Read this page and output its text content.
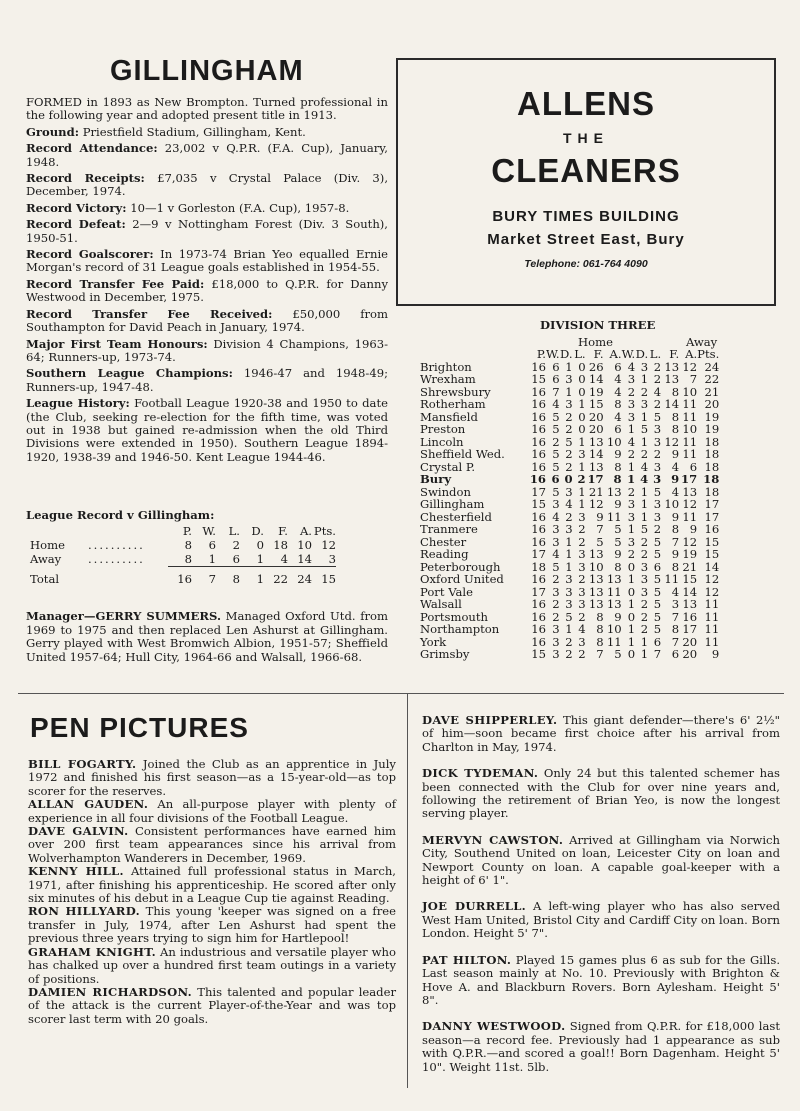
GILLINGHAM

FORMED in 1893 as New Brompton. Turned professional in the following year and adopted present title in 1913.

Ground: Priestfield Stadium, Gillingham, Kent.

Record Attendance: 23,002 v Q.P.R. (F.A. Cup), January, 1948.

Record Receipts: £7,035 v Crystal Palace (Div. 3), December, 1974.

Record Victory: 10—1 v Gorleston (F.A. Cup), 1957-8.

Record Defeat: 2—9 v Nottingham Forest (Div. 3 South), 1950-51.

Record Goalscorer: In 1973-74 Brian Yeo equalled Ernie Morgan's record of 31 League goals established in 1954-55.

Record Transfer Fee Paid: £18,000 to Q.P.R. for Danny Westwood in December, 1975.

Record Transfer Fee Received: £50,000 from Southampton for David Peach in January, 1974.

Major First Team Honours: Division 4 Champions, 1963-64; Runners-up, 1973-74.

Southern League Champions: 1946-47 and 1948-49; Runners-up, 1947-48.

League History: Football League 1920-38 and 1950 to date (the Club, seeking re-election for the fifth time, was voted out in 1938 but gained re-admission when the old Third Divisions were extended in 1950). Southern League 1894-1920, 1938-39 and 1946-50. Kent League 1944-46.

League Record v Gillingham:
		P.	W.	L.	D.	F.	A.	Pts.
Home	..........	8	6	2	0	18	10	12
Away	..........	8	1	6	1	4	14	3
Total		16	7	8	1	22	24	15

Manager—GERRY SUMMERS. Managed Oxford Utd. from 1969 to 1975 and then replaced Len Ashurst at Gillingham. Gerry played with West Bromwich Albion, 1951-57; Sheffield United 1957-64; Hull City, 1964-66 and Walsall, 1966-68.

ALLENS
THE
CLEANERS
BURY TIMES BUILDING
Market Street East, Bury
Telephone: 061-764 4090
DIVISION THREE
Home	Away
	P.	W.	D.	L.	F.	A.	W.	D.	L.	F.	A.	Pts.
Brighton	16	6	1	0	26	6	4	3	2	13	12	24
Wrexham	15	6	3	0	14	4	3	1	2	13	7	22
Shrewsbury	16	7	1	0	19	4	2	2	4	8	10	21
Rotherham	16	4	3	1	15	8	3	3	2	14	11	20
Mansfield	16	5	2	0	20	4	3	1	5	8	11	19
Preston	16	5	2	0	20	6	1	5	3	8	10	19
Lincoln	16	2	5	1	13	10	4	1	3	12	11	18
Sheffield Wed.	16	5	2	3	14	9	2	2	2	9	11	18
Crystal P.	16	5	2	1	13	8	1	4	3	4	6	18
Bury	16	6	0	2	17	8	1	4	3	9	17	18
Swindon	17	5	3	1	21	13	2	1	5	4	13	18
Gillingham	15	3	4	1	12	9	3	1	3	10	12	17
Chesterfield	16	4	2	3	9	11	3	1	3	9	11	17
Tranmere	16	3	3	2	7	5	1	5	2	8	9	16
Chester	16	3	1	2	5	5	3	2	5	7	12	15
Reading	17	4	1	3	13	9	2	2	5	9	19	15
Peterborough	18	5	1	3	10	8	0	3	6	8	21	14
Oxford United	16	2	3	2	13	13	1	3	5	11	15	12
Port Vale	17	3	3	3	13	11	0	3	5	4	14	12
Walsall	16	2	3	3	13	13	1	2	5	3	13	11
Portsmouth	16	2	5	2	8	9	0	2	5	7	16	11
Northampton	16	3	1	4	8	10	1	2	5	8	17	11
York	16	3	2	3	8	11	1	1	6	7	20	11
Grimsby	15	3	2	2	7	5	0	1	7	6	20	9
PEN PICTURES

BILL FOGARTY. Joined the Club as an apprentice in July 1972 and finished his first season—as a 15-year-old—as top scorer for the reserves.

ALLAN GAUDEN. An all-purpose player with plenty of experience in all four divisions of the Football League.

DAVE GALVIN. Consistent performances have earned him over 200 first team appearances since his arrival from Wolverhampton Wanderers in December, 1969.

KENNY HILL. Attained full professional status in March, 1971, after finishing his apprenticeship. He scored after only six minutes of his debut in a League Cup tie against Reading.

RON HILLYARD. This young 'keeper was signed on a free transfer in July, 1974, after Len Ashurst had spent the previous three years trying to sign him for Hartlepool!

GRAHAM KNIGHT. An industrious and versatile player who has chalked up over a hundred first team outings in a variety of positions.

DAMIEN RICHARDSON. This talented and popular leader of the attack is the current Player-of-the-Year and was top scorer last term with 20 goals.

DAVE SHIPPERLEY. This giant defender—there's 6' 2½" of him—soon became first choice after his arrival from Charlton in May, 1974.

DICK TYDEMAN. Only 24 but this talented schemer has been connected with the Club for over nine years and, following the retirement of Brian Yeo, is now the longest serving player.

MERVYN CAWSTON. Arrived at Gillingham via Norwich City, Southend United on loan, Leicester City on loan and Newport County on loan. A capable goal-keeper with a height of 6' 1".

JOE DURRELL. A left-wing player who has also served West Ham United, Bristol City and Cardiff City on loan. Born London. Height 5' 7".

PAT HILTON. Played 15 games plus 6 as sub for the Gills. Last season mainly at No. 10. Previously with Brighton & Hove A. and Blackburn Rovers. Born Aylesham. Height 5' 8".

DANNY WESTWOOD. Signed from Q.P.R. for £18,000 last season—a record fee. Previously had 1 appearance as sub with Q.P.R.—and scored a goal!! Born Dagenham. Height 5' 10". Weight 11st. 5lb.
